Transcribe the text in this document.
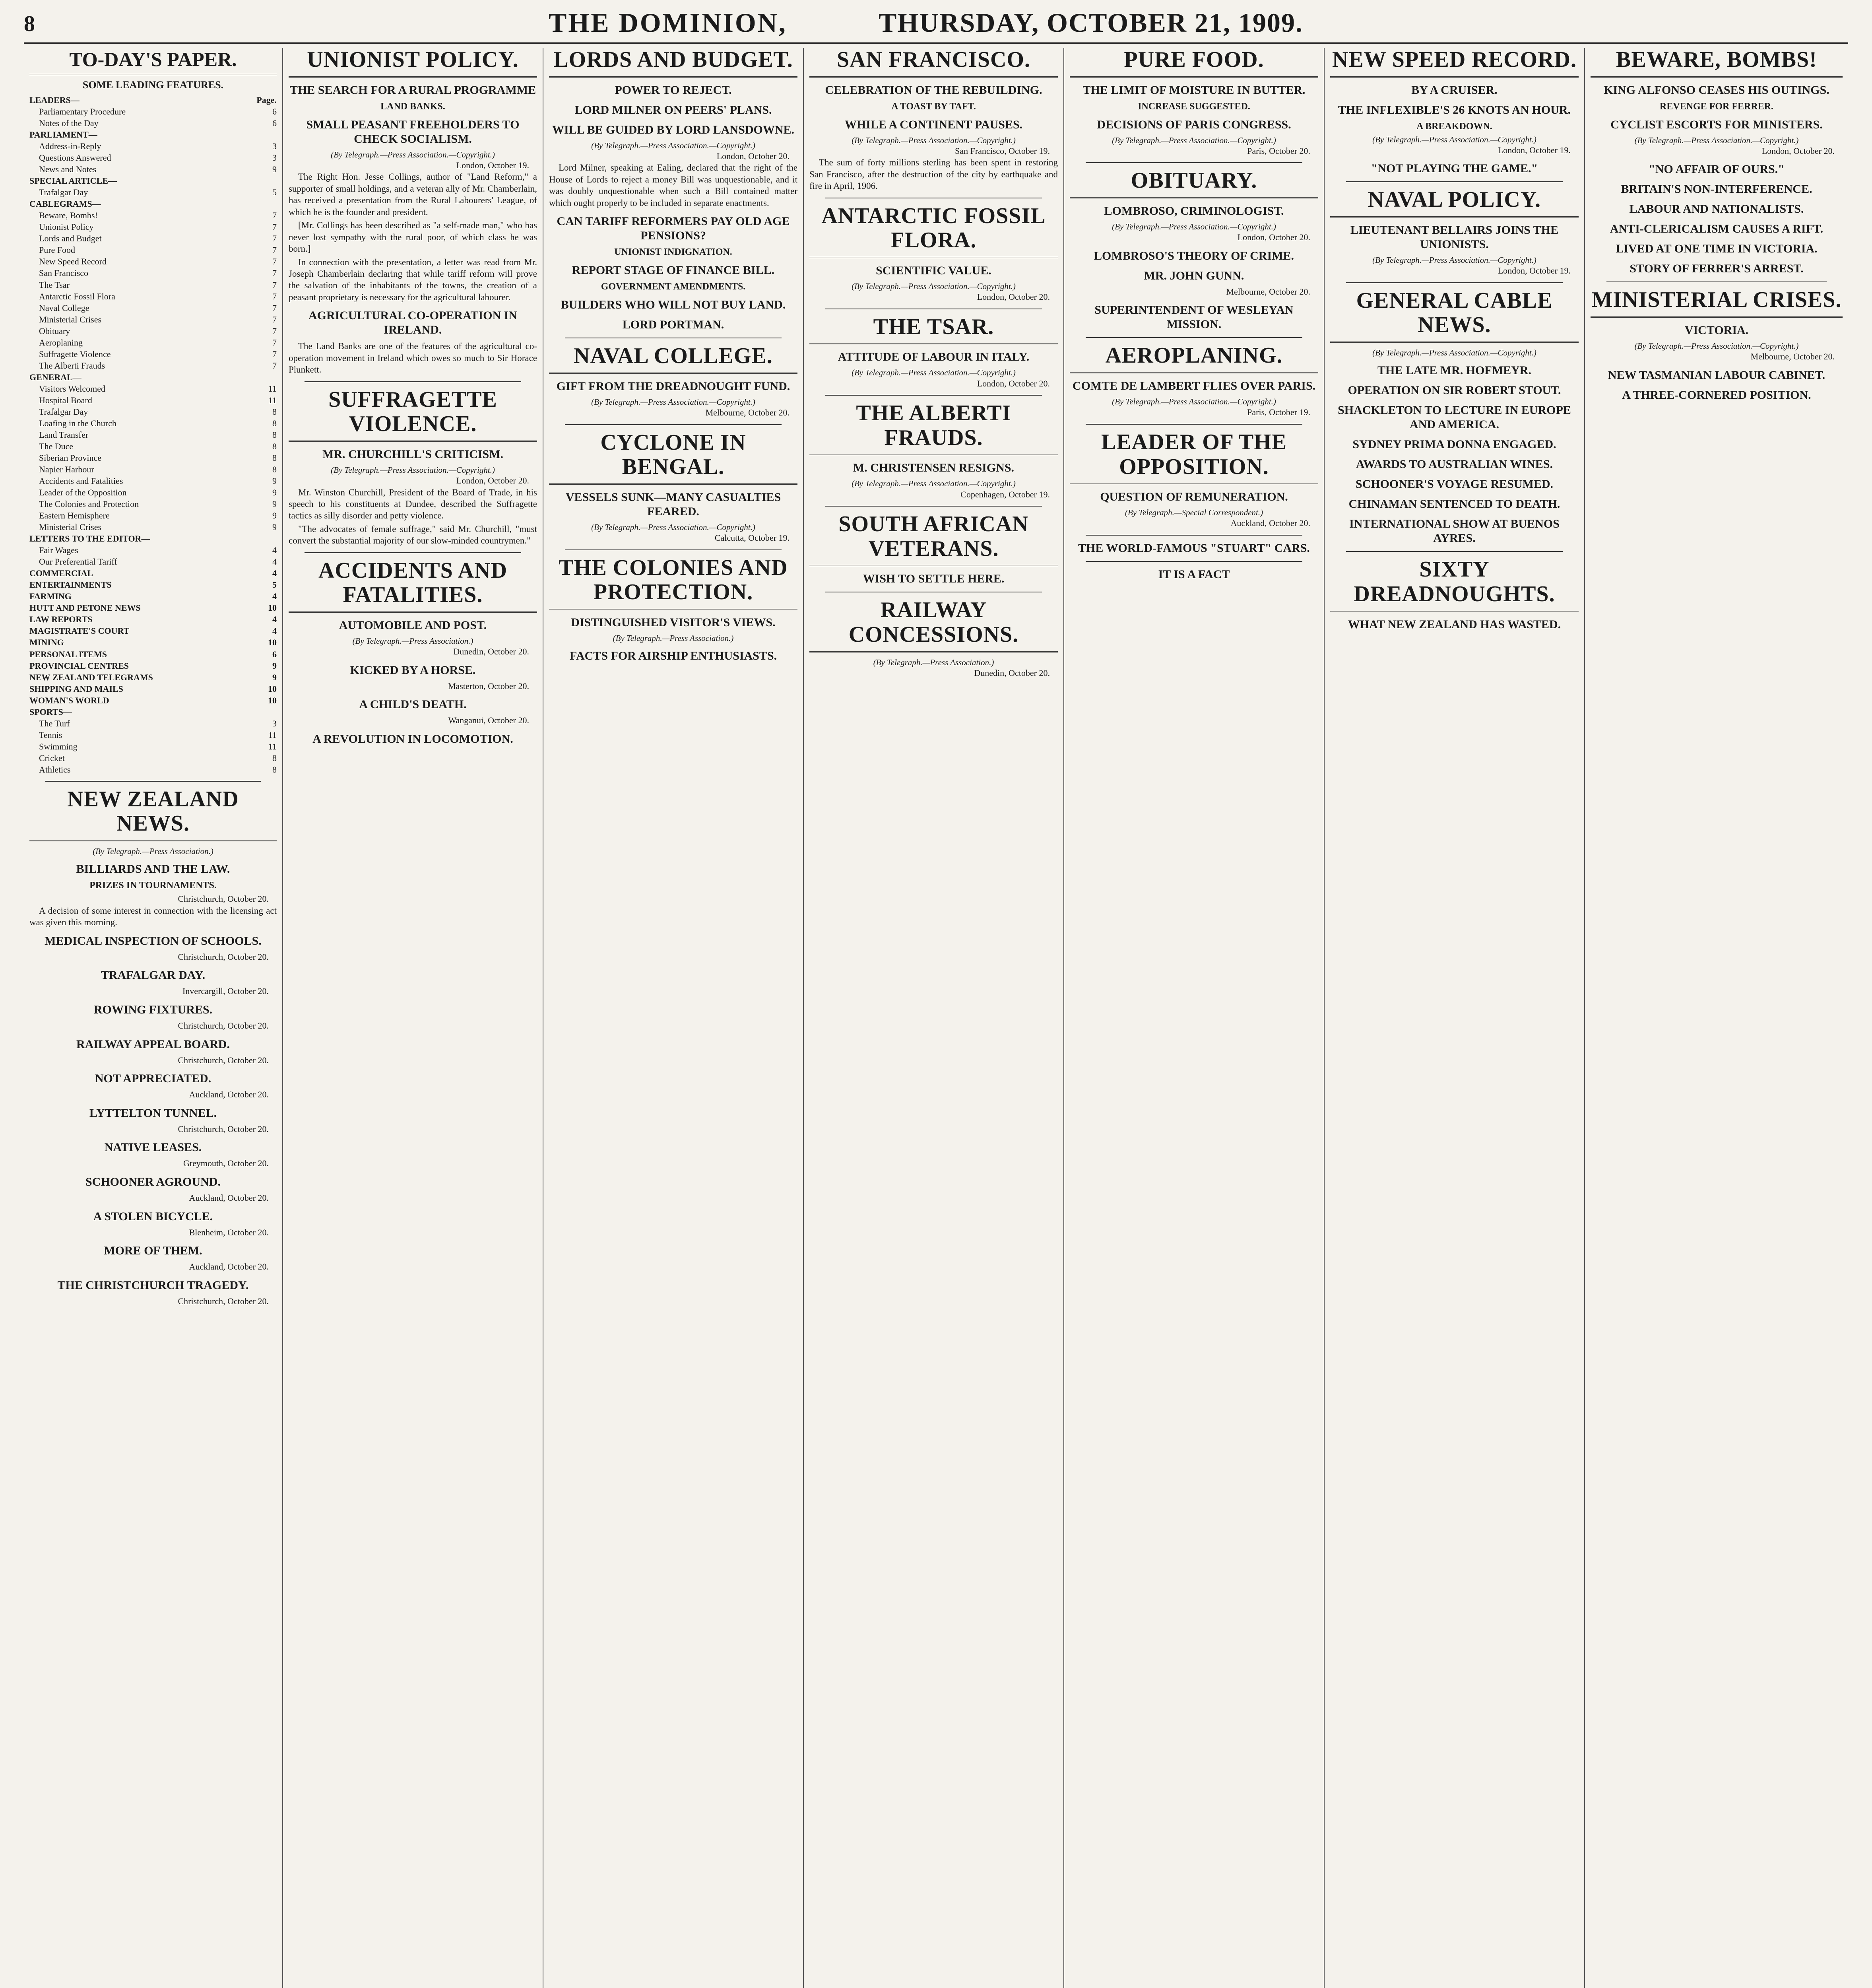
8	THE DOMINION,	THURSDAY, OCTOBER 21, 1909.
TO-DAY'S PAPER.
SOME LEADING FEATURES.
LEADERS—	Page.
Parliamentary Procedure	6
Notes of the Day	6
PARLIAMENT—
Address-in-Reply	3
Questions Answered	3
News and Notes	9
SPECIAL ARTICLE—
Trafalgar Day	5
CABLEGRAMS—
Beware, Bombs!	7
Unionist Policy	7
Lords and Budget	7
Pure Food	7
New Speed Record	7
San Francisco	7
The Tsar	7
Antarctic Fossil Flora	7
Naval College	7
Ministerial Crises	7
Obituary	7
Aeroplaning	7
Suffragette Violence	7
The Alberti Frauds	7
GENERAL—
Visitors Welcomed	11
Hospital Board	11
Trafalgar Day	8
Loafing in the Church	8
Land Transfer	8
The Duce	8
Siberian Province	8
Napier Harbour	8
Accidents and Fatalities	9
Leader of the Opposition	9
The Colonies and Protection	9
Eastern Hemisphere	9
Ministerial Crises	9
LETTERS TO THE EDITOR—
Fair Wages	4
Our Preferential Tariff	4
COMMERCIAL	4
ENTERTAINMENTS	5
FARMING	4
HUTT AND PETONE NEWS	10
LAW REPORTS	4
MAGISTRATE'S COURT	4
MINING	10
PERSONAL ITEMS	6
PROVINCIAL CENTRES	9
NEW ZEALAND TELEGRAMS	9
SHIPPING AND MAILS	10
WOMAN'S WORLD	10
SPORTS—
The Turf	3
Tennis	11
Swimming	11
Cricket	8
Athletics	8
NEW ZEALAND NEWS.
(By Telegraph.—Press Association.)
BILLIARDS AND THE LAW.
PRIZES IN TOURNAMENTS.
Christchurch, October 20.
A decision of some interest in connection with the licensing act was given this morning.
MEDICAL INSPECTION OF SCHOOLS.
Christchurch, October 20.
TRAFALGAR DAY.
Invercargill, October 20.
ROWING FIXTURES.
Christchurch, October 20.
RAILWAY APPEAL BOARD.
Christchurch, October 20.
NOT APPRECIATED.
Auckland, October 20.
LYTTELTON TUNNEL.
Christchurch, October 20.
NATIVE LEASES.
Greymouth, October 20.
SCHOONER AGROUND.
Auckland, October 20.
A STOLEN BICYCLE.
Blenheim, October 20.
MORE OF THEM.
Auckland, October 20.
THE CHRISTCHURCH TRAGEDY.
Christchurch, October 20.
UNIONIST POLICY.
THE SEARCH FOR A RURAL PROGRAMME
LAND BANKS.
SMALL PEASANT FREEHOLDERS TO CHECK SOCIALISM.
(By Telegraph.—Press Association.—Copyright.)
London, October 19.
The Right Hon. Jesse Collings, author of "Land Reform," a supporter of small holdings, and a veteran ally of Mr. Chamberlain, has received a presentation from the Rural Labourers' League, of which he is the founder and president.
[Mr. Collings has been described as "a self-made man," who has never lost sympathy with the rural poor, of which class he was born.]
In connection with the presentation, a letter was read from Mr. Joseph Chamberlain declaring that while tariff reform will prove the salvation of the inhabitants of the towns, the creation of a peasant proprietary is necessary for the agricultural labourer.
AGRICULTURAL CO-OPERATION IN IRELAND.
The Land Banks are one of the features of the agricultural co-operation movement in Ireland which owes so much to Sir Horace Plunkett.
SUFFRAGETTE VIOLENCE.
MR. CHURCHILL'S CRITICISM.
(By Telegraph.—Press Association.—Copyright.)
London, October 20.
Mr. Winston Churchill, President of the Board of Trade, in his speech to his constituents at Dundee, described the Suffragette tactics as silly disorder and petty violence.
"The advocates of female suffrage," said Mr. Churchill, "must convert the substantial majority of our slow-minded countrymen."
ACCIDENTS AND FATALITIES.
AUTOMOBILE AND POST.
(By Telegraph.—Press Association.)
Dunedin, October 20.
KICKED BY A HORSE.
Masterton, October 20.
A CHILD'S DEATH.
Wanganui, October 20.
A REVOLUTION IN LOCOMOTION.
LORDS AND BUDGET.
POWER TO REJECT.
LORD MILNER ON PEERS' PLANS.
WILL BE GUIDED BY LORD LANSDOWNE.
(By Telegraph.—Press Association.—Copyright.)
London, October 20.
Lord Milner, speaking at Ealing, declared that the right of the House of Lords to reject a money Bill was unquestionable, and it was doubly unquestionable when such a Bill contained matter which ought properly to be included in separate enactments.
CAN TARIFF REFORMERS PAY OLD AGE PENSIONS?
UNIONIST INDIGNATION.
REPORT STAGE OF FINANCE BILL.
GOVERNMENT AMENDMENTS.
BUILDERS WHO WILL NOT BUY LAND.
LORD PORTMAN.
NAVAL COLLEGE.
GIFT FROM THE DREADNOUGHT FUND.
(By Telegraph.—Press Association.—Copyright.)
Melbourne, October 20.
CYCLONE IN BENGAL.
VESSELS SUNK—MANY CASUALTIES FEARED.
(By Telegraph.—Press Association.—Copyright.)
Calcutta, October 19.
THE COLONIES AND PROTECTION.
DISTINGUISHED VISITOR'S VIEWS.
(By Telegraph.—Press Association.)
FACTS FOR AIRSHIP ENTHUSIASTS.
SAN FRANCISCO.
CELEBRATION OF THE REBUILDING.
A TOAST BY TAFT.
WHILE A CONTINENT PAUSES.
(By Telegraph.—Press Association.—Copyright.)
San Francisco, October 19.
The sum of forty millions sterling has been spent in restoring San Francisco, after the destruction of the city by earthquake and fire in April, 1906.
ANTARCTIC FOSSIL FLORA.
SCIENTIFIC VALUE.
(By Telegraph.—Press Association.—Copyright.)
London, October 20.
THE TSAR.
ATTITUDE OF LABOUR IN ITALY.
(By Telegraph.—Press Association.—Copyright.)
London, October 20.
THE ALBERTI FRAUDS.
M. CHRISTENSEN RESIGNS.
(By Telegraph.—Press Association.—Copyright.)
Copenhagen, October 19.
SOUTH AFRICAN VETERANS.
WISH TO SETTLE HERE.
RAILWAY CONCESSIONS.
(By Telegraph.—Press Association.)
Dunedin, October 20.
PURE FOOD.
THE LIMIT OF MOISTURE IN BUTTER.
INCREASE SUGGESTED.
DECISIONS OF PARIS CONGRESS.
(By Telegraph.—Press Association.—Copyright.)
Paris, October 20.
OBITUARY.
LOMBROSO, CRIMINOLOGIST.
(By Telegraph.—Press Association.—Copyright.)
London, October 20.
LOMBROSO'S THEORY OF CRIME.
MR. JOHN GUNN.
Melbourne, October 20.
SUPERINTENDENT OF WESLEYAN MISSION.
AEROPLANING.
COMTE DE LAMBERT FLIES OVER PARIS.
(By Telegraph.—Press Association.—Copyright.)
Paris, October 19.
LEADER OF THE OPPOSITION.
QUESTION OF REMUNERATION.
(By Telegraph.—Special Correspondent.)
Auckland, October 20.
THE WORLD-FAMOUS "STUART" CARS.
IT IS A FACT
NEW SPEED RECORD.
BY A CRUISER.
THE INFLEXIBLE'S 26 KNOTS AN HOUR.
A BREAKDOWN.
(By Telegraph.—Press Association.—Copyright.)
London, October 19.
"NOT PLAYING THE GAME."
NAVAL POLICY.
LIEUTENANT BELLAIRS JOINS THE UNIONISTS.
(By Telegraph.—Press Association.—Copyright.)
London, October 19.
GENERAL CABLE NEWS.
(By Telegraph.—Press Association.—Copyright.)
THE LATE MR. HOFMEYR.
OPERATION ON SIR ROBERT STOUT.
SHACKLETON TO LECTURE IN EUROPE AND AMERICA.
SYDNEY PRIMA DONNA ENGAGED.
AWARDS TO AUSTRALIAN WINES.
SCHOONER'S VOYAGE RESUMED.
CHINAMAN SENTENCED TO DEATH.
INTERNATIONAL SHOW AT BUENOS AYRES.
SIXTY DREADNOUGHTS.
WHAT NEW ZEALAND HAS WASTED.
BEWARE, BOMBS!
KING ALFONSO CEASES HIS OUTINGS.
REVENGE FOR FERRER.
CYCLIST ESCORTS FOR MINISTERS.
(By Telegraph.—Press Association.—Copyright.)
London, October 20.
"NO AFFAIR OF OURS."
BRITAIN'S NON-INTERFERENCE.
LABOUR AND NATIONALISTS.
ANTI-CLERICALISM CAUSES A RIFT.
LIVED AT ONE TIME IN VICTORIA.
STORY OF FERRER'S ARREST.
MINISTERIAL CRISES.
VICTORIA.
(By Telegraph.—Press Association.—Copyright.)
Melbourne, October 20.
NEW TASMANIAN LABOUR CABINET.
A THREE-CORNERED POSITION.
